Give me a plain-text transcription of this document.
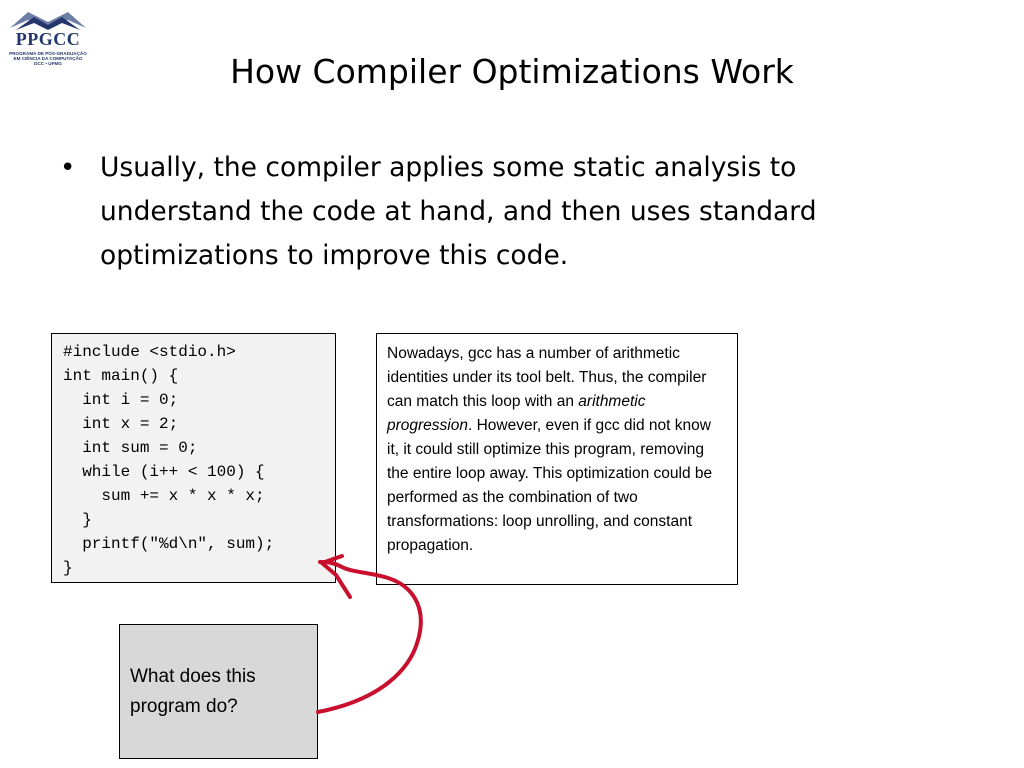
PPGCC
PROGRAMA DE PÓS-GRADUAÇÃO
EM CIÊNCIA DA COMPUTAÇÃO
DCC • UFMG	How Compiler Optimizations Work
• Usually, the compiler applies some static analysis to understand the code at hand, and then uses standard optimizations to improve this code.
#include <stdio.h>
int main() {
int i = 0;
int x = 2;
int sum = 0;
while (i++ < 100) {
sum += x * x * x;
}
printf("%d\n", sum);
}
Nowadays, gcc has a number of arithmetic identities under its tool belt. Thus, the compiler can match this loop with an arithmetic progression. However, even if gcc did not know it, it could still optimize this program, removing the entire loop away. This optimization could be performed as the combination of two transformations: loop unrolling, and constant propagation.
What does this program do?
